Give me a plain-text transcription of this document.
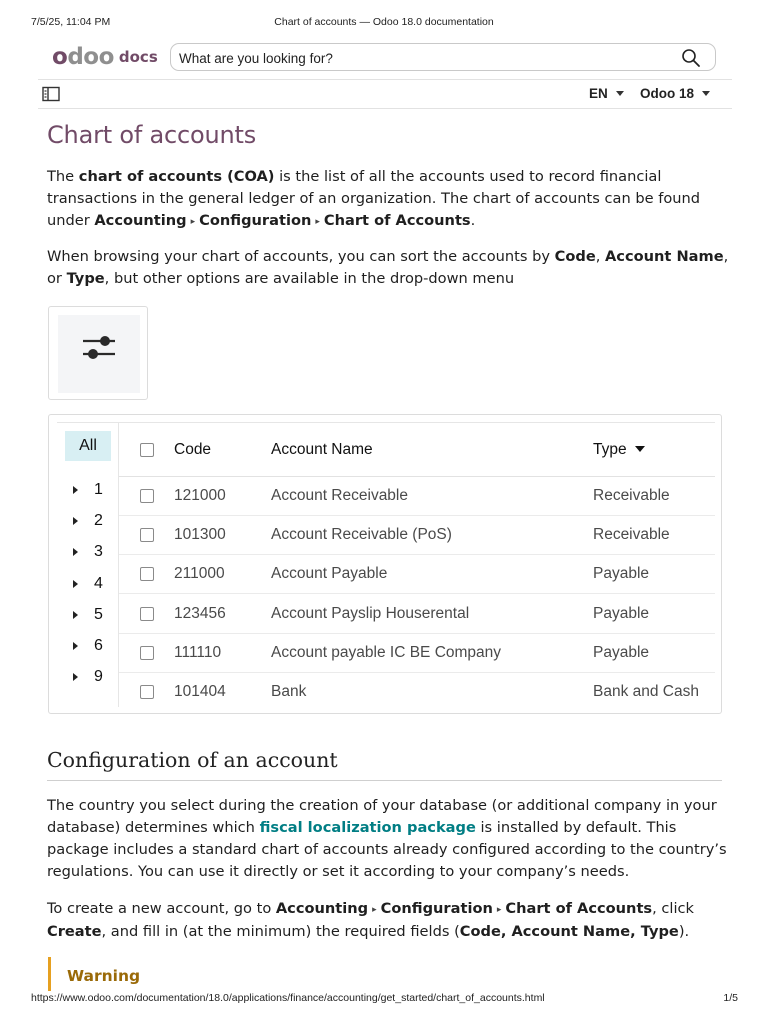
7/5/25, 11:04 PM	Chart of accounts — Odoo 18.0 documentation
odoo docs
What are you looking for?
EN	Odoo 18
Chart of accounts

The chart of accounts (COA) is the list of all the accounts used to record financial transactions in the general ledger of an organization. The chart of accounts can be found under Accounting ▸ Configuration ▸ Chart of Accounts.

When browsing your chart of accounts, you can sort the accounts by Code, Account Name, or Type, but other options are available in the drop-down menu

All
1
2
3
4
5
6
9
Code	Account Name	Type
121000	Account Receivable	Receivable
101300	Account Receivable (PoS)	Receivable
211000	Account Payable	Payable
123456	Account Payslip Houserental	Payable
111110	Account payable IC BE Company	Payable
101404	Bank	Bank and Cash
Configuration of an account

The country you select during the creation of your database (or additional company in your database) determines which fiscal localization package is installed by default. This package includes a standard chart of accounts already configured according to the country’s regulations. You can use it directly or set it according to your company’s needs.

To create a new account, go to Accounting ▸ Configuration ▸ Chart of Accounts, click Create, and fill in (at the minimum) the required fields (Code, Account Name, Type).

Warning
https://www.odoo.com/documentation/18.0/applications/finance/accounting/get_started/chart_of_accounts.html	1/5
